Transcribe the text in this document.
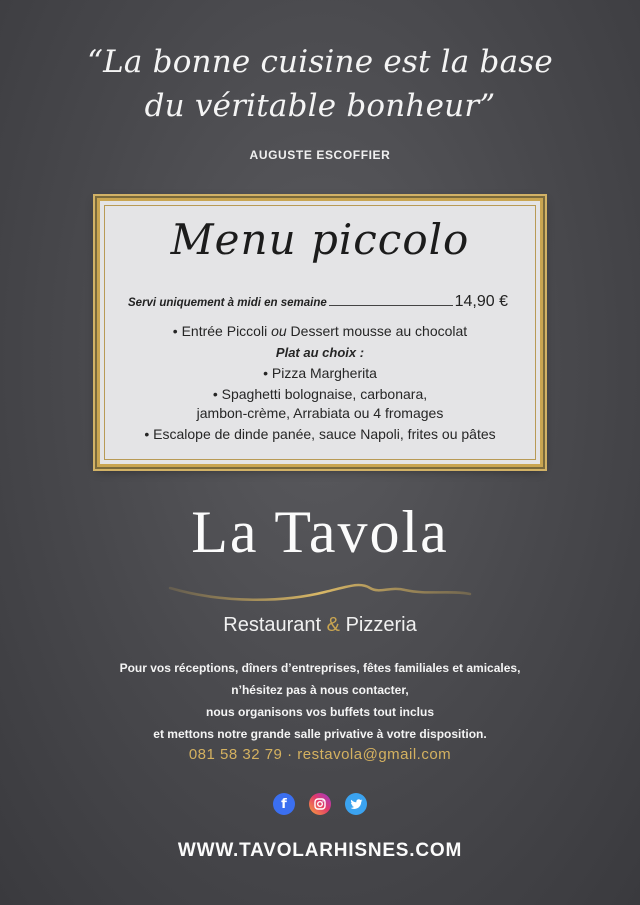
“La bonne cuisine est la base
du véritable bonheur”
AUGUSTE ESCOFFIER
Menu piccolo
Servi uniquement à midi en semaine	14,90 €
• Entrée Piccoli ou Dessert mousse au chocolat
Plat au choix :
• Pizza Margherita
• Spaghetti bolognaise, carbonara,
jambon-crème, Arrabiata ou 4 fromages
• Escalope de dinde panée, sauce Napoli, frites ou pâtes
La Tavola
Restaurant & Pizzeria
Pour vos réceptions, dîners d’entreprises, fêtes familiales et amicales,
n’hésitez pas à nous contacter,
nous organisons vos buffets tout inclus
et mettons notre grande salle privative à votre disposition.
081 58 32 79 · restavola@gmail.com
f
WWW.TAVOLARHISNES.COM
